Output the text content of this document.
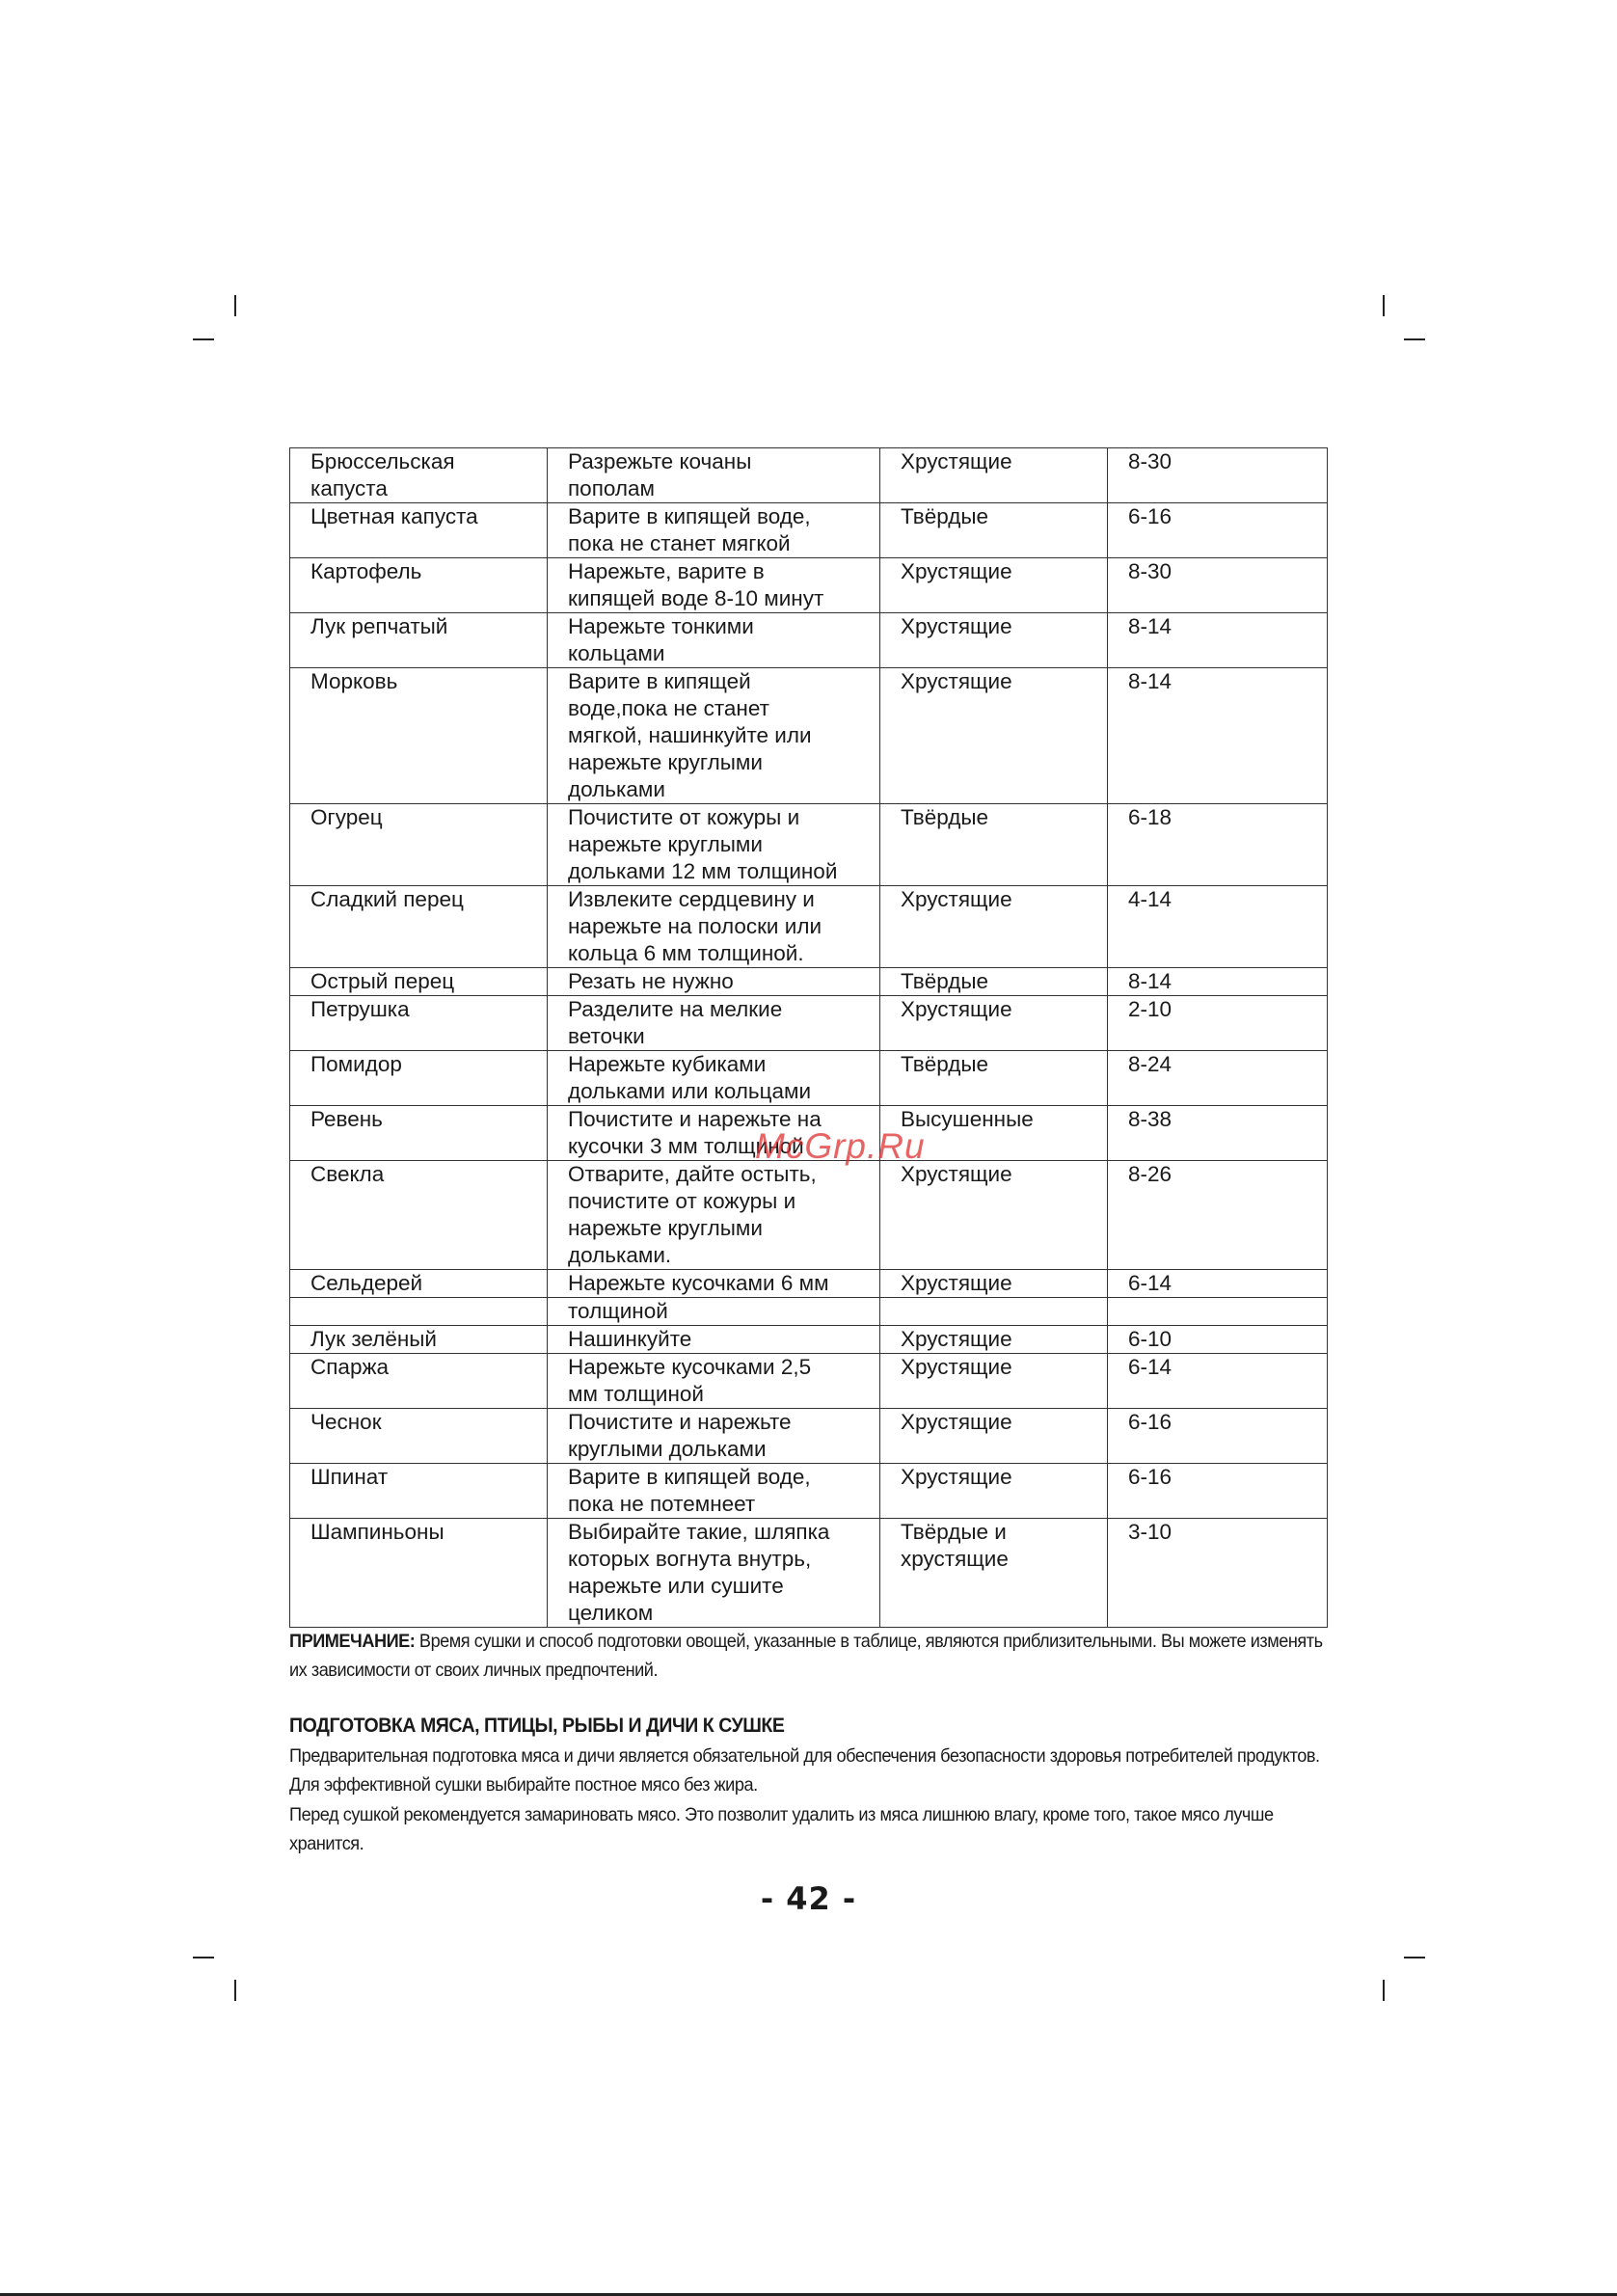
Брюссельская
капуста	Разрежьте кочаны
пополам	Хрустящие	8-30
Цветная капуста	Варите в кипящей воде,
пока не станет мягкой	Твёрдые	6-16
Картофель	Нарежьте, варите в
кипящей воде 8-10 минут	Хрустящие	8-30
Лук репчатый	Нарежьте тонкими
кольцами	Хрустящие	8-14
Морковь	Варите в кипящей
воде,пока не станет
мягкой, нашинкуйте или
нарежьте круглыми
дольками	Хрустящие	8-14
Огурец	Почистите от кожуры и
нарежьте круглыми
дольками 12 мм толщиной	Твёрдые	6-18
Сладкий перец	Извлеките сердцевину и
нарежьте на полоски или
кольца 6 мм толщиной.	Хрустящие	4-14
Острый перец	Резать не нужно	Твёрдые	8-14
Петрушка	Разделите на мелкие
веточки	Хрустящие	2-10
Помидор	Нарежьте кубиками
дольками или кольцами	Твёрдые	8-24
Ревень	Почистите и нарежьте на
кусочки 3 мм толщиной	Высушенные	8-38
Свекла	Отварите, дайте остыть,
почистите от кожуры и
нарежьте круглыми
дольками.	Хрустящие	8-26
Сельдерей	Нарежьте кусочками 6 мм	Хрустящие	6-14
	толщиной		
Лук зелёный	Нашинкуйте	Хрустящие	6-10
Спаржа	Нарежьте кусочками 2,5
мм толщиной	Хрустящие	6-14
Чеснок	Почистите и нарежьте
круглыми дольками	Хрустящие	6-16
Шпинат	Варите в кипящей воде,
пока не потемнеет	Хрустящие	6-16
Шампиньоны	Выбирайте такие, шляпка
которых вогнута внутрь,
нарежьте или сушите
целиком	Твёрдые и
хрустящие	3-10
McGrp.Ru
ПРИМЕЧАНИЕ: Время сушки и способ подготовки овощей, указанные в таблице, являются приблизительными. Вы можете изменять их зависимости от своих личных предпочтений.
ПОДГОТОВКА МЯСА, ПТИЦЫ, РЫБЫ И ДИЧИ К СУШКЕ
Предварительная подготовка мяса и дичи является обязательной для обеспечения безопасности здоровья потребителей продуктов. Для эффективной сушки выбирайте постное мясо без жира.
Перед сушкой рекомендуется замариновать мясо. Это позволит удалить из мяса лишнюю влагу, кроме того, такое мясо лучше хранится.
- 42 -
